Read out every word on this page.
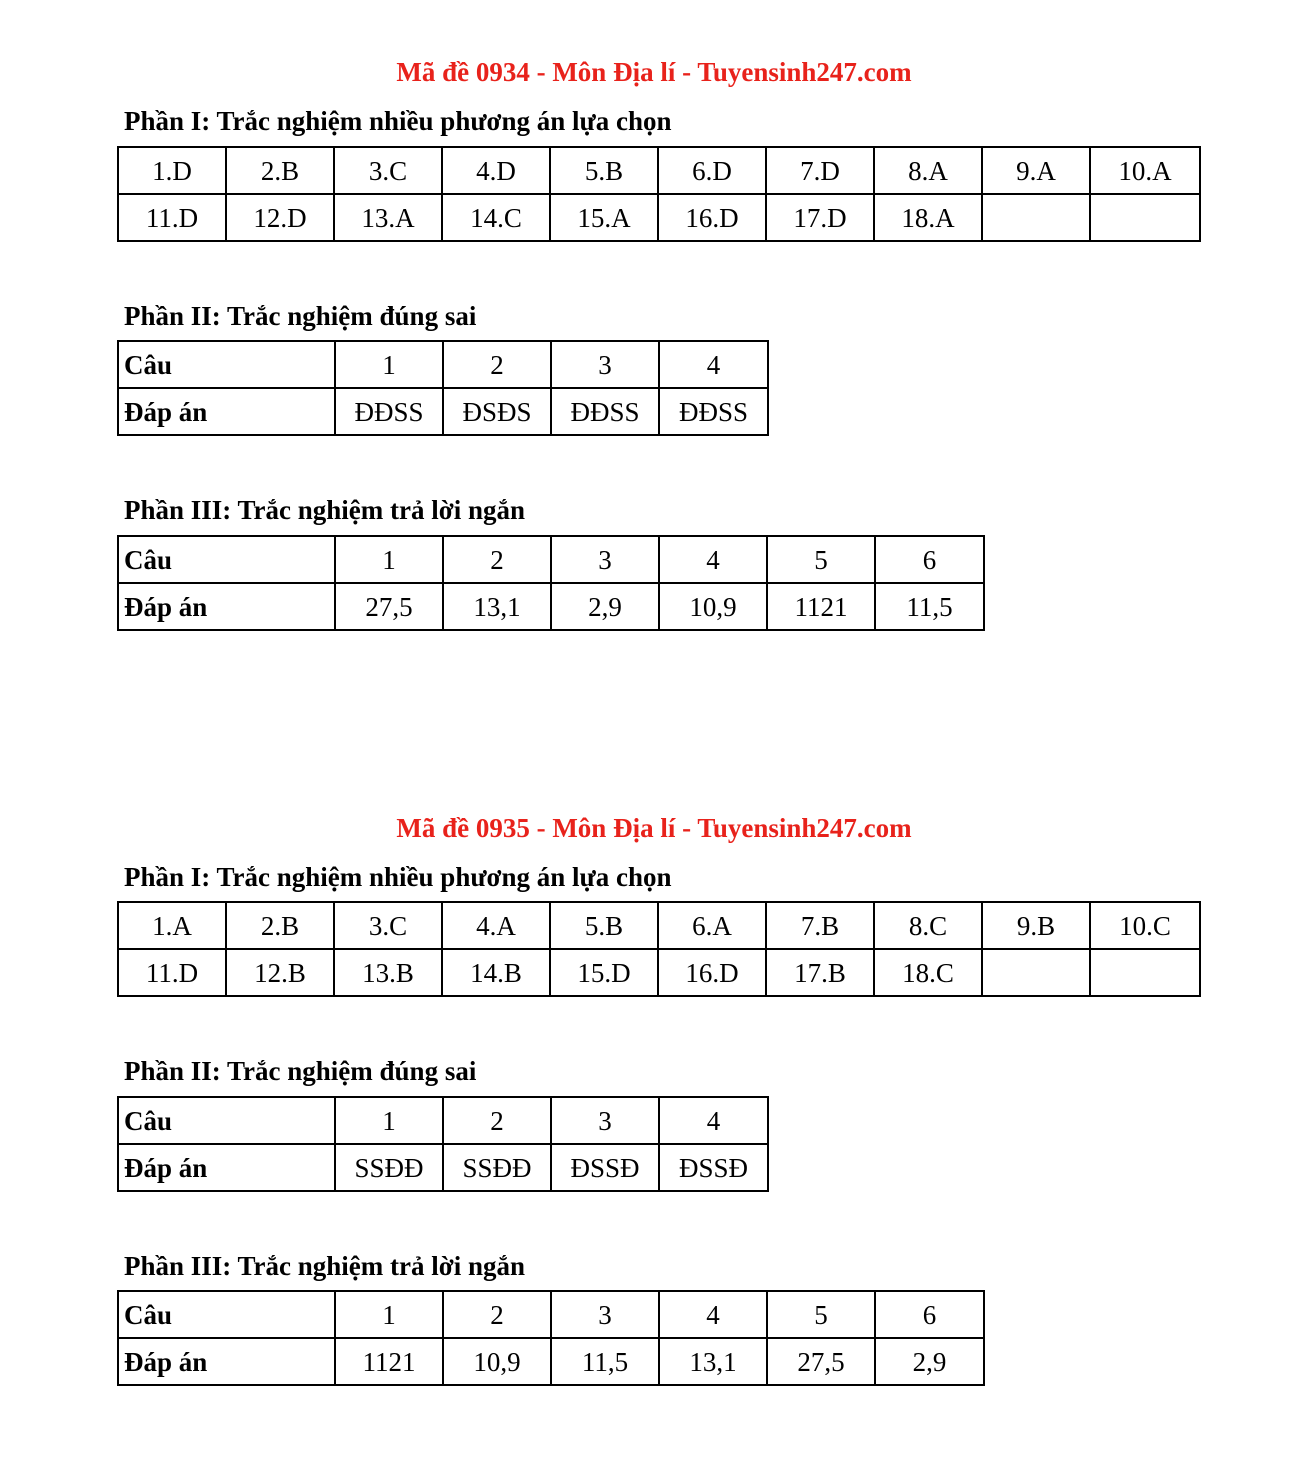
Mã đề 0934 - Môn Địa lí - Tuyensinh247.com
Phần I: Trắc nghiệm nhiều phương án lựa chọn
1.D	2.B	3.C	4.D	5.B	6.D	7.D	8.A	9.A	10.A
11.D	12.D	13.A	14.C	15.A	16.D	17.D	18.A		
Phần II: Trắc nghiệm đúng sai
Câu	1	2	3	4
Đáp án	ĐĐSS	ĐSĐS	ĐĐSS	ĐĐSS
Phần III: Trắc nghiệm trả lời ngắn
Câu	1	2	3	4	5	6
Đáp án	27,5	13,1	2,9	10,9	1121	11,5
Mã đề 0935 - Môn Địa lí - Tuyensinh247.com
Phần I: Trắc nghiệm nhiều phương án lựa chọn
1.A	2.B	3.C	4.A	5.B	6.A	7.B	8.C	9.B	10.C
11.D	12.B	13.B	14.B	15.D	16.D	17.B	18.C		
Phần II: Trắc nghiệm đúng sai
Câu	1	2	3	4
Đáp án	SSĐĐ	SSĐĐ	ĐSSĐ	ĐSSĐ
Phần III: Trắc nghiệm trả lời ngắn
Câu	1	2	3	4	5	6
Đáp án	1121	10,9	11,5	13,1	27,5	2,9
